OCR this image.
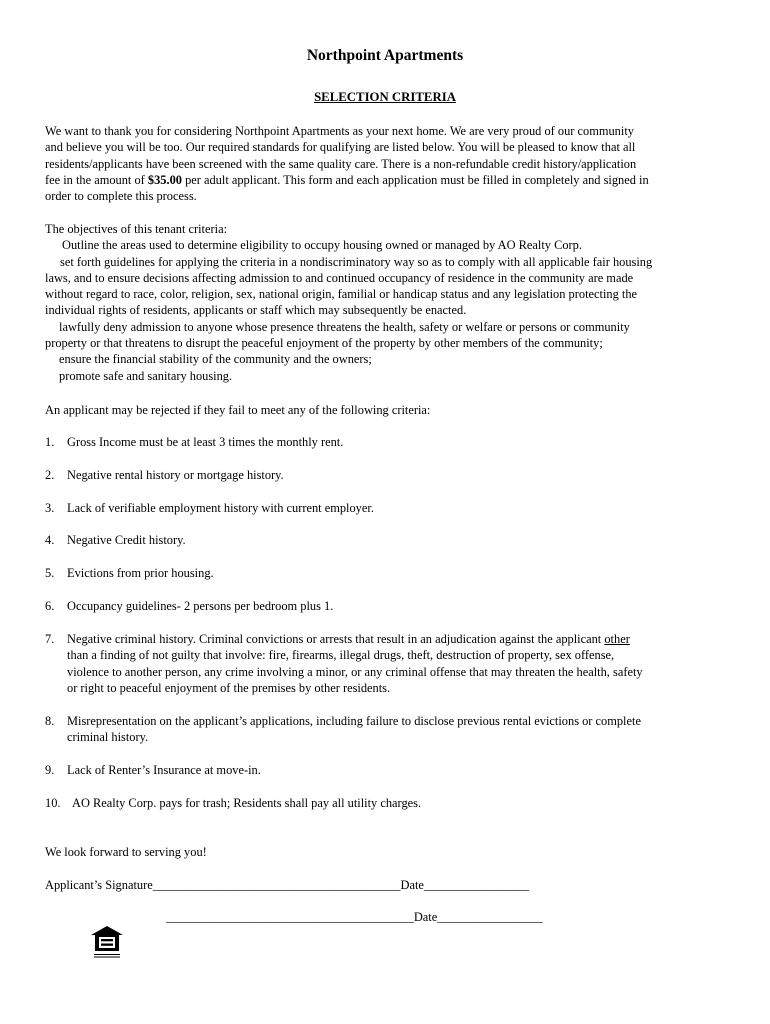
Northpoint Apartments
SELECTION CRITERIA
We want to thank you for considering Northpoint Apartments as your next home. We are very proud of our community
and believe you will be too. Our required standards for qualifying are listed below. You will be pleased to know that all
residents/applicants have been screened with the same quality care. There is a non-refundable credit history/application
fee in the amount of $35.00 per adult applicant. This form and each application must be filled in completely and signed in
order to complete this process.
The objectives of this tenant criteria:
Outline the areas used to determine eligibility to occupy housing owned or managed by AO Realty Corp.
set forth guidelines for applying the criteria in a nondiscriminatory way so as to comply with all applicable fair housing
laws, and to ensure decisions affecting admission to and continued occupancy of residence in the community are made
without regard to race, color, religion, sex, national origin, familial or handicap status and any legislation protecting the
individual rights of residents, applicants or staff which may subsequently be enacted.
lawfully deny admission to anyone whose presence threatens the health, safety or welfare or persons or community
property or that threatens to disrupt the peaceful enjoyment of the property by other members of the community;
ensure the financial stability of the community and the owners;
promote safe and sanitary housing.
An applicant may be rejected if they fail to meet any of the following criteria:
1. Gross Income must be at least 3 times the monthly rent.
2. Negative rental history or mortgage history.
3. Lack of verifiable employment history with current employer.
4. Negative Credit history.
5. Evictions from prior housing.
6. Occupancy guidelines- 2 persons per bedroom plus 1.
7. Negative criminal history. Criminal convictions or arrests that result in an adjudication against the applicant other
than a finding of not guilty that involve: fire, firearms, illegal drugs, theft, destruction of property, sex offense,
violence to another person, any crime involving a minor, or any criminal offense that may threaten the health, safety
or right to peaceful enjoyment of the premises by other residents.
8. Misrepresentation on the applicant’s applications, including failure to disclose previous rental evictions or complete
criminal history.
9. Lack of Renter’s Insurance at move-in.
10. AO Realty Corp. pays for trash; Residents shall pay all utility charges.
We look forward to serving you!
Applicant’s Signature________________________________________Date_________________
________________________________________Date_________________
